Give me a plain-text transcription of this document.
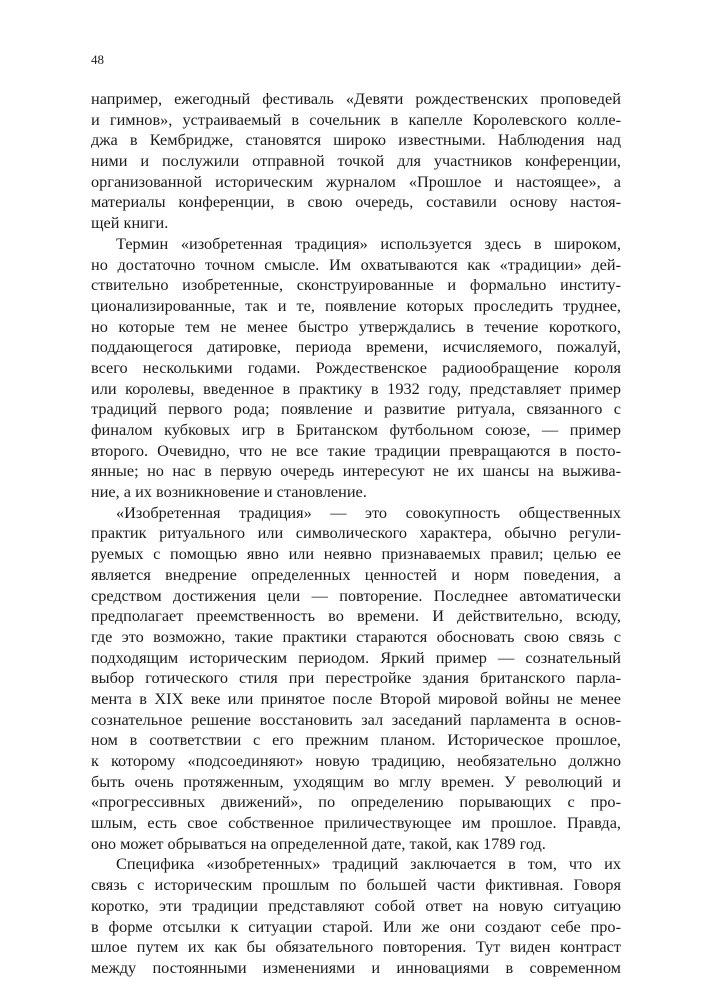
48
например, ежегодный фестиваль «Девяти рождественских проповедей
и гимнов», устраиваемый в сочельник в капелле Королевского колле-
джа в Кембридже, становятся широко известными. Наблюдения над
ними и послужили отправной точкой для участников конференции,
организованной историческим журналом «Прошлое и настоящее», а
материалы конференции, в свою очередь, составили основу настоя-
щей книги.
Термин «изобретенная традиция» используется здесь в широком,
но достаточно точном смысле. Им охватываются как «традиции» дей-
ствительно изобретенные, сконструированные и формально институ-
ционализированные, так и те, появление которых проследить труднее,
но которые тем не менее быстро утверждались в течение короткого,
поддающегося датировке, периода времени, исчисляемого, пожалуй,
всего несколькими годами. Рождественское радиообращение короля
или королевы, введенное в практику в 1932 году, представляет пример
традиций первого рода; появление и развитие ритуала, связанного с
финалом кубковых игр в Британском футбольном союзе, — пример
второго. Очевидно, что не все такие традиции превращаются в посто-
янные; но нас в первую очередь интересуют не их шансы на выжива-
ние, а их возникновение и становление.
«Изобретенная традиция» — это совокупность общественных
практик ритуального или символического характера, обычно регули-
руемых с помощью явно или неявно признаваемых правил; целью ее
является внедрение определенных ценностей и норм поведения, а
средством достижения цели — повторение. Последнее автоматически
предполагает преемственность во времени. И действительно, всюду,
где это возможно, такие практики стараются обосновать свою связь с
подходящим историческим периодом. Яркий пример — сознательный
выбор готического стиля при перестройке здания британского парла-
мента в XIX веке или принятое после Второй мировой войны не менее
сознательное решение восстановить зал заседаний парламента в основ-
ном в соответствии с его прежним планом. Историческое прошлое,
к которому «подсоединяют» новую традицию, необязательно должно
быть очень протяженным, уходящим во мглу времен. У революций и
«прогрессивных движений», по определению порывающих с про-
шлым, есть свое собственное приличествующее им прошлое. Правда,
оно может обрываться на определенной дате, такой, как 1789 год.
Специфика «изобретенных» традиций заключается в том, что их
связь с историческим прошлым по большей части фиктивная. Говоря
коротко, эти традиции представляют собой ответ на новую ситуацию
в форме отсылки к ситуации старой. Или же они создают себе про-
шлое путем их как бы обязательного повторения. Тут виден контраст
между постоянными изменениями и инновациями в современном
